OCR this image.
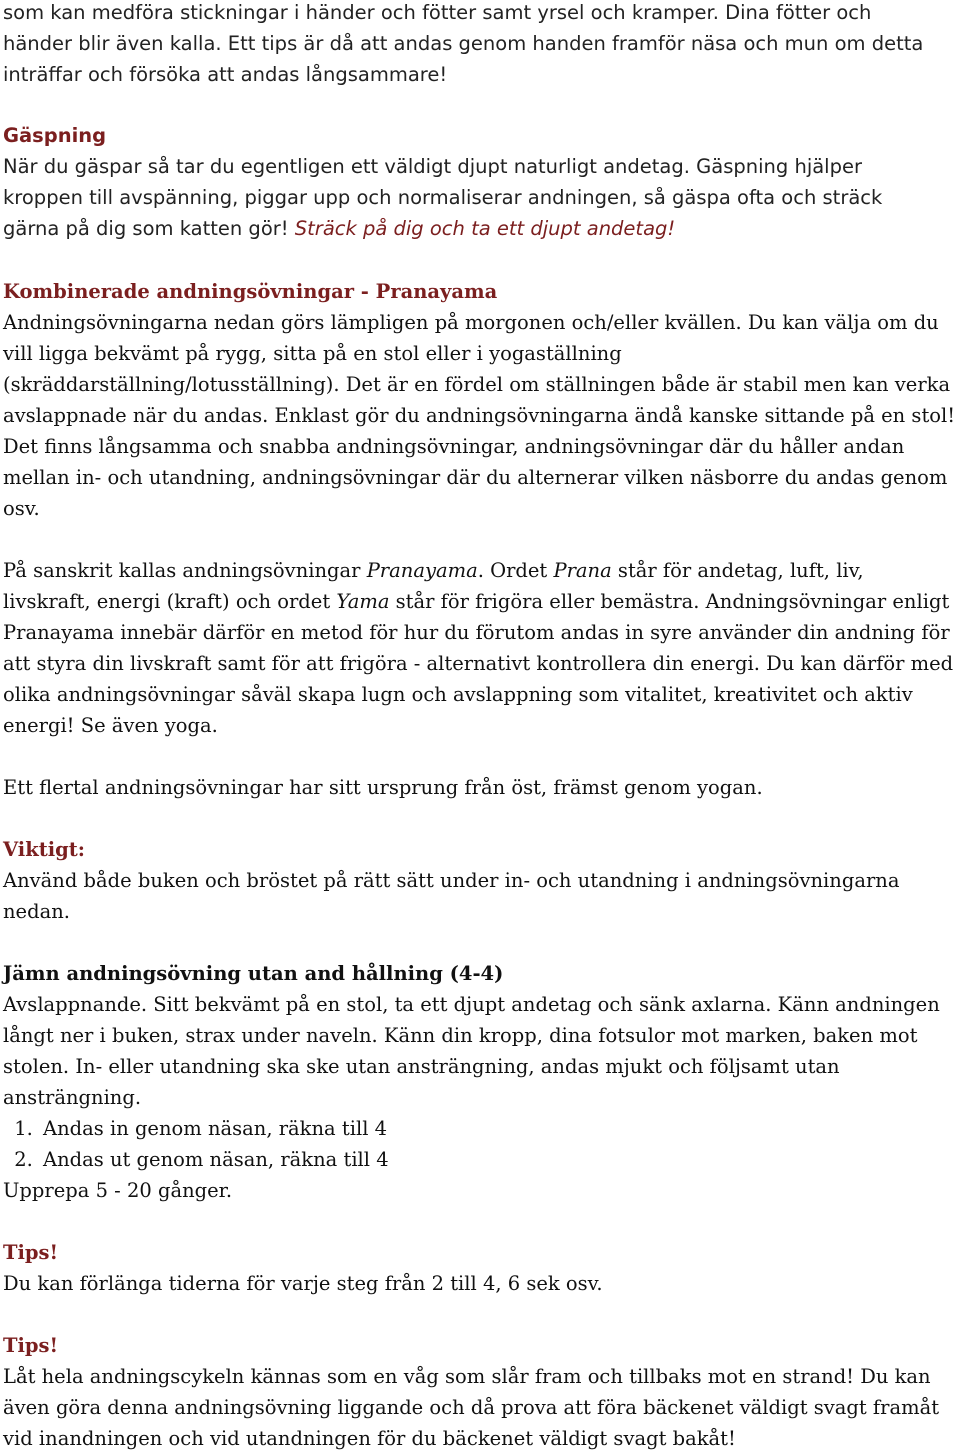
som kan medföra stickningar i händer och fötter samt yrsel och kramper. Dina fötter och

händer blir även kalla. Ett tips är då att andas genom handen framför näsa och mun om detta

inträffar och försöka att andas långsammare!

Gäspning

När du gäspar så tar du egentligen ett väldigt djupt naturligt andetag. Gäspning hjälper

kroppen till avspänning, piggar upp och normaliserar andningen, så gäspa ofta och sträck

gärna på dig som katten gör! Sträck på dig och ta ett djupt andetag!

Kombinerade andningsövningar - Pranayama

Andningsövningarna nedan görs lämpligen på morgonen och/eller kvällen. Du kan välja om du vill ligga bekvämt på rygg, sitta på en stol eller i yogaställning (skräddarställning/lotusställning). Det är en fördel om ställningen både är stabil men kan verka avslappnade när du andas. Enklast gör du andningsövningarna ändå kanske sittande på en stol! Det finns långsamma och snabba andningsövningar, andningsövningar där du håller andan mellan in- och utandning, andningsövningar där du alternerar vilken näsborre du andas genom osv.

På sanskrit kallas andningsövningar Pranayama. Ordet Prana står för andetag, luft, liv, livskraft, energi (kraft) och ordet Yama står för frigöra eller bemästra. Andningsövningar enligt Pranayama innebär därför en metod för hur du förutom andas in syre använder din andning för att styra din livskraft samt för att frigöra - alternativt kontrollera din energi. Du kan därför med olika andningsövningar såväl skapa lugn och avslappning som vitalitet, kreativitet och aktiv energi! Se även yoga.

Ett flertal andningsövningar har sitt ursprung från öst, främst genom yogan.

Viktigt:

Använd både buken och bröstet på rätt sätt under in- och utandning i andningsövningarna nedan.

Jämn andningsövning utan and hållning (4-4)

Avslappnande. Sitt bekvämt på en stol, ta ett djupt andetag och sänk axlarna. Känn andningen långt ner i buken, strax under naveln. Känn din kropp, dina fotsulor mot marken, baken mot stolen. In- eller utandning ska ske utan ansträngning, andas mjukt och följsamt utan ansträngning.

1. Andas in genom näsan, räkna till 4
2. Andas ut genom näsan, räkna till 4

Upprepa 5 - 20 gånger.

Tips!

Du kan förlänga tiderna för varje steg från 2 till 4, 6 sek osv.

Tips!

Låt hela andningscykeln kännas som en våg som slår fram och tillbaks mot en strand! Du kan även göra denna andningsövning liggande och då prova att föra bäckenet väldigt svagt framåt vid inandningen och vid utandningen för du bäckenet väldigt svagt bakåt!
